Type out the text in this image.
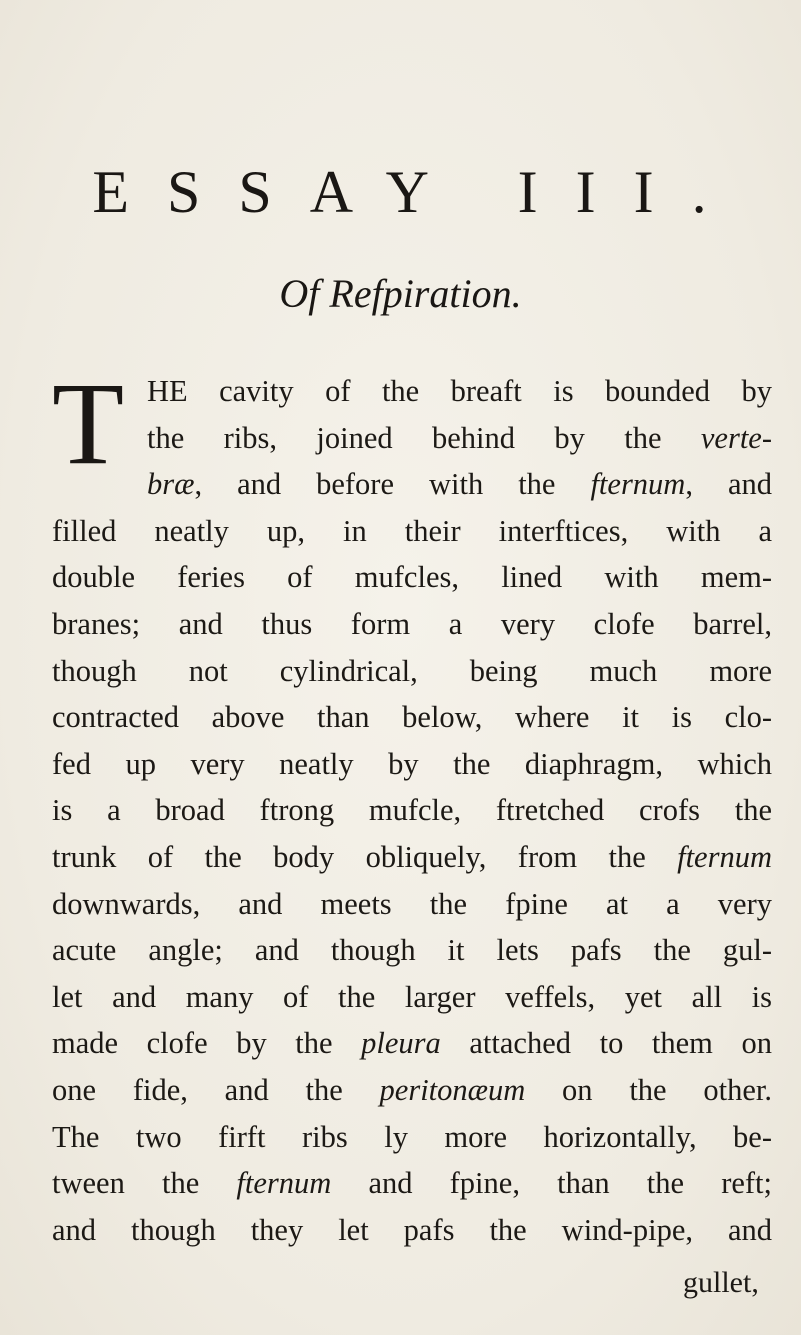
ESSAY III.
Of Refpiration.
T HE cavity of the breaft is bounded by
the ribs, joined behind by the verte-
bræ, and before with the fternum, and
filled neatly up, in their interftices, with a
double feries of mufcles, lined with mem-
branes; and thus form a very clofe barrel,
though not cylindrical, being much more
contracted above than below, where it is clo-
fed up very neatly by the diaphragm, which
is a broad ftrong mufcle, ftretched crofs the
trunk of the body obliquely, from the fternum
downwards, and meets the fpine at a very
acute angle; and though it lets pafs the gul-
let and many of the larger veffels, yet all is
made clofe by the pleura attached to them on
one fide, and the peritonæum on the other.
The two firft ribs ly more horizontally, be-
tween the fternum and fpine, than the reft;
and though they let pafs the wind-pipe, and
gullet,
